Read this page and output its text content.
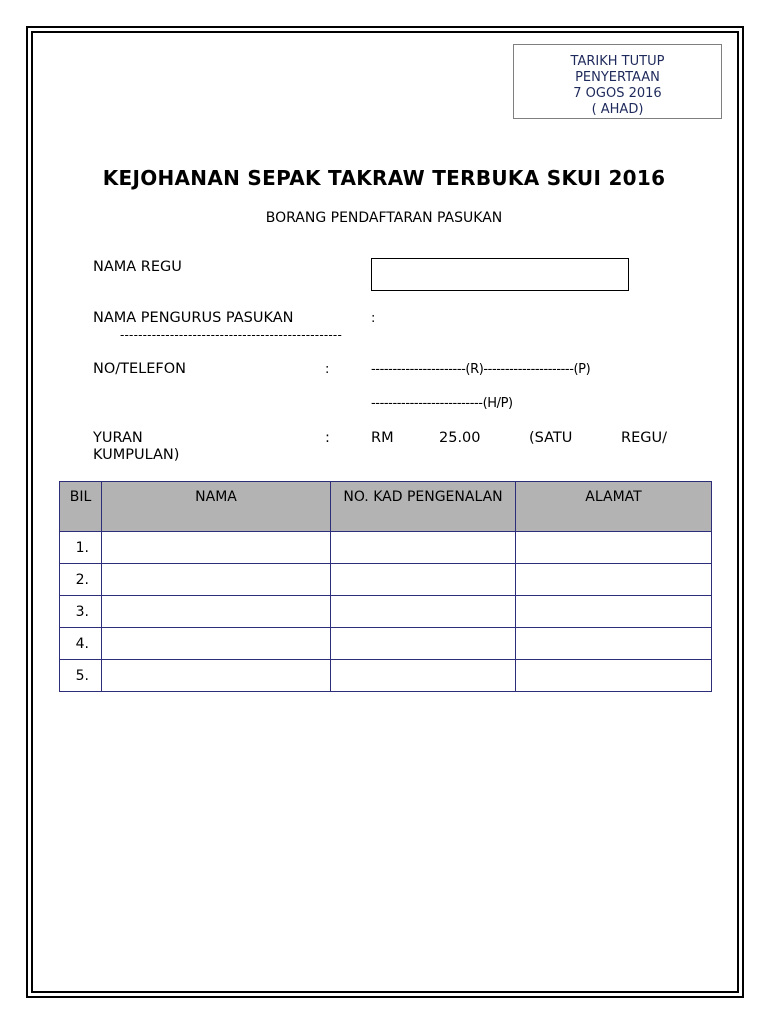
TARIKH TUTUP
PENYERTAAN
7 OGOS 2016
( AHAD)
KEJOHANAN SEPAK TAKRAW TERBUKA SKUI 2016
BORANG PENDAFTARAN PASUKAN
NAMA REGU
NAMA PENGURUS PASUKAN	:
-------------------------------------------------
NO/TELEFON	:	----------------------(R)---------------------(P)
--------------------------(H/P)
YURAN	:	RM	25.00	(SATU	REGU/
KUMPULAN)
BIL	NAMA	NO. KAD PENGENALAN	ALAMAT
1.			
2.			
3.			
4.			
5.			
